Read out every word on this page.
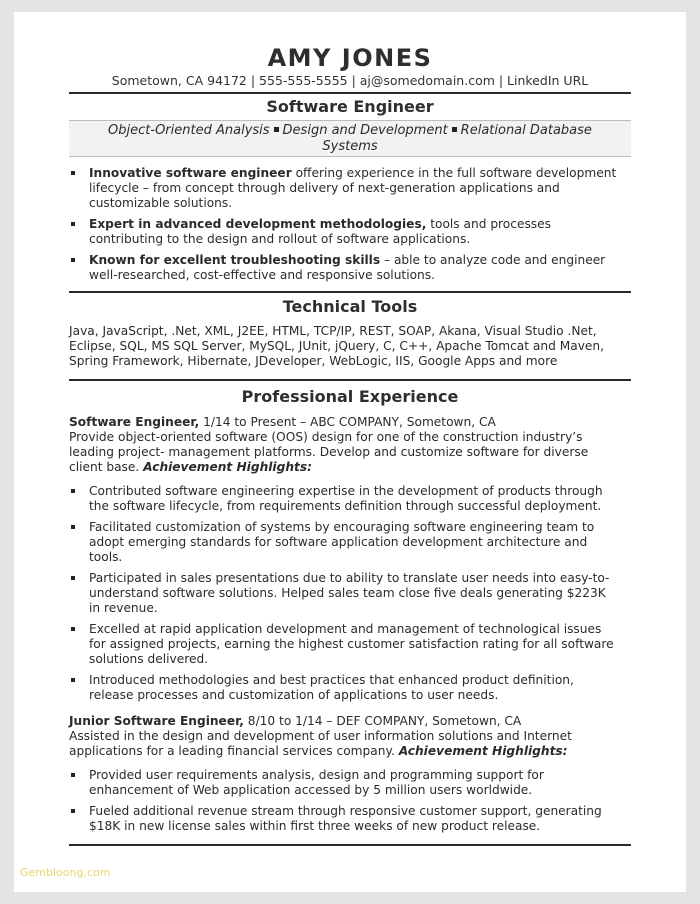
AMY JONES
Sometown, CA 94172 | 555-555-5555 | aj@somedomain.com | LinkedIn URL
Software Engineer
Object-Oriented Analysis Design and Development Relational Database
Systems
Innovative software engineer offering experience in the full software development
lifecycle – from concept through delivery of next-generation applications and
customizable solutions.
Expert in advanced development methodologies, tools and processes
contributing to the design and rollout of software applications.
Known for excellent troubleshooting skills – able to analyze code and engineer
well-researched, cost-effective and responsive solutions.
Technical Tools
Java, JavaScript, .Net, XML, J2EE, HTML, TCP/IP, REST, SOAP, Akana, Visual Studio .Net,
Eclipse, SQL, MS SQL Server, MySQL, JUnit, jQuery, C, C++, Apache Tomcat and Maven,
Spring Framework, Hibernate, JDeveloper, WebLogic, IIS, Google Apps and more
Professional Experience
Software Engineer, 1/14 to Present – ABC COMPANY, Sometown, CA
Provide object-oriented software (OOS) design for one of the construction industry’s
leading project- management platforms. Develop and customize software for diverse
client base. Achievement Highlights:
Contributed software engineering expertise in the development of products through
the software lifecycle, from requirements definition through successful deployment.
Facilitated customization of systems by encouraging software engineering team to
adopt emerging standards for software application development architecture and
tools.
Participated in sales presentations due to ability to translate user needs into easy-to-
understand software solutions. Helped sales team close five deals generating $223K
in revenue.
Excelled at rapid application development and management of technological issues
for assigned projects, earning the highest customer satisfaction rating for all software
solutions delivered.
Introduced methodologies and best practices that enhanced product definition,
release processes and customization of applications to user needs.
Junior Software Engineer, 8/10 to 1/14 – DEF COMPANY, Sometown, CA
Assisted in the design and development of user information solutions and Internet
applications for a leading financial services company. Achievement Highlights:
Provided user requirements analysis, design and programming support for
enhancement of Web application accessed by 5 million users worldwide.
Fueled additional revenue stream through responsive customer support, generating
$18K in new license sales within first three weeks of new product release.
Gembloong.com
